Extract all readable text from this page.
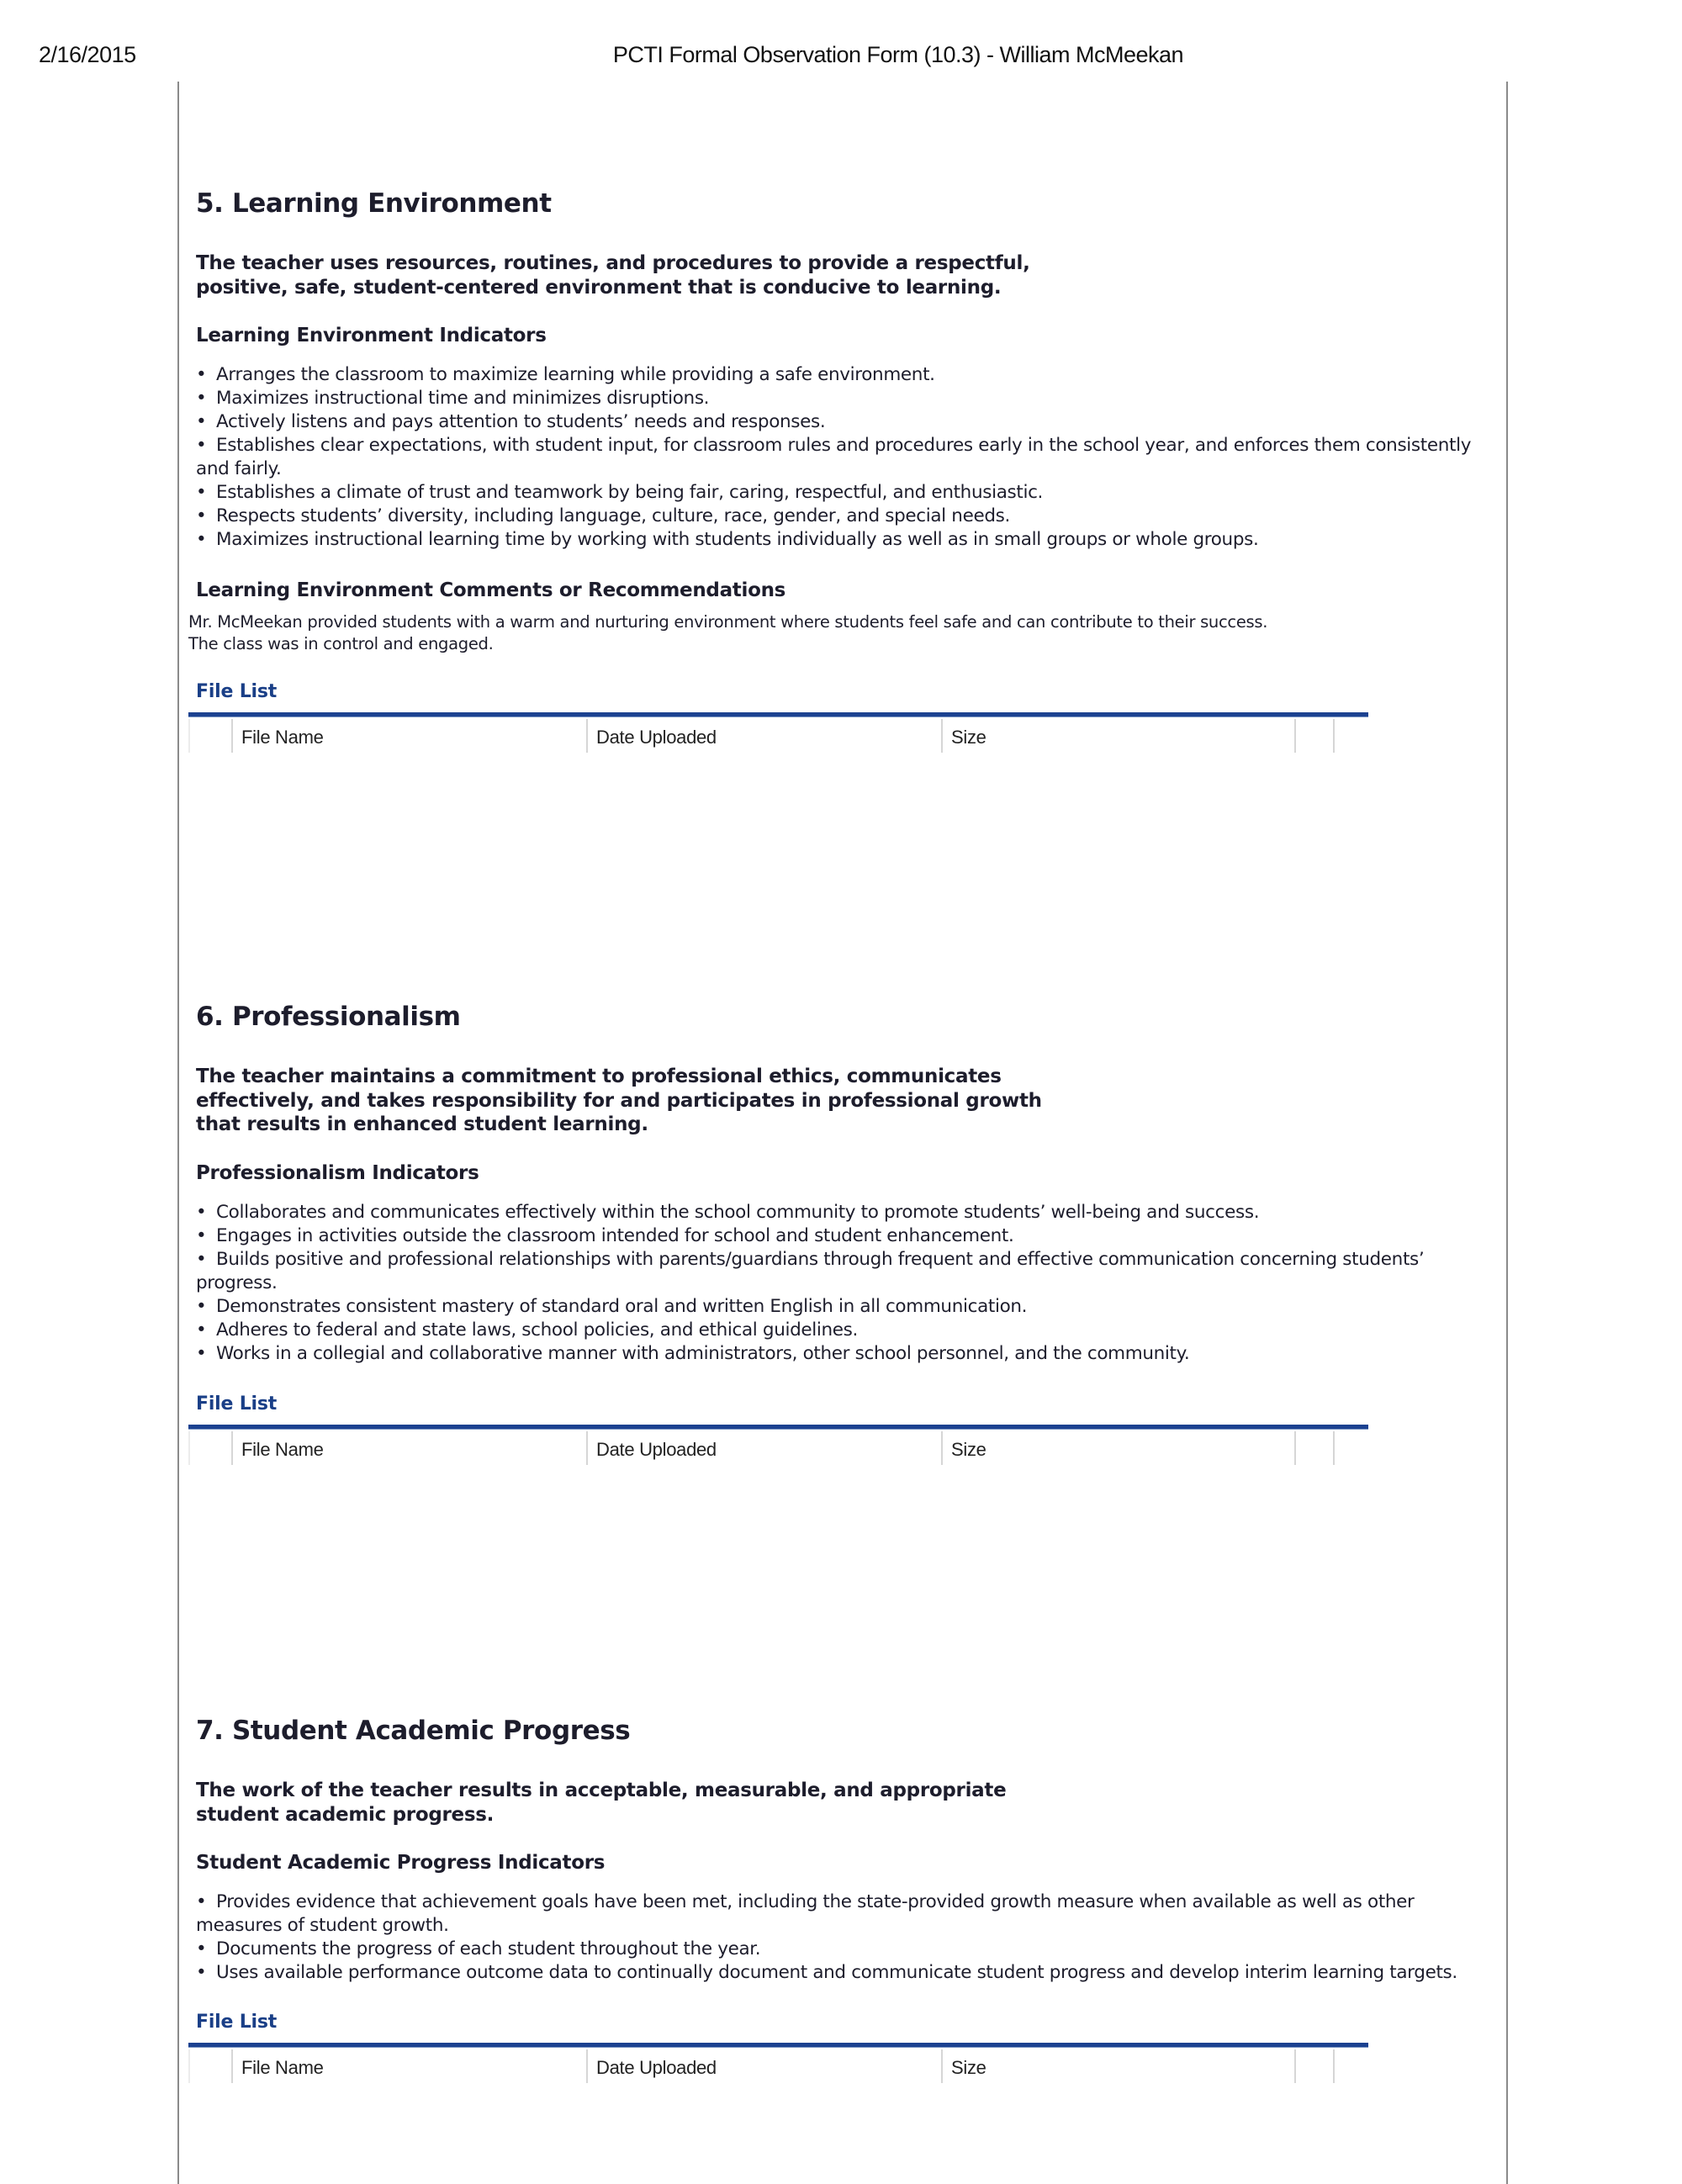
2/16/2015	PCTI Formal Observation Form (10.3) - William McMeekan
5. Learning Environment
The teacher uses resources, routines, and procedures to provide a respectful,
positive, safe, student-centered environment that is conducive to learning.
Learning Environment Indicators
• Arranges the classroom to maximize learning while providing a safe environment.
• Maximizes instructional time and minimizes disruptions.
• Actively listens and pays attention to students’ needs and responses.
• Establishes clear expectations, with student input, for classroom rules and procedures early in the school year, and enforces them consistently and fairly.
• Establishes a climate of trust and teamwork by being fair, caring, respectful, and enthusiastic.
• Respects students’ diversity, including language, culture, race, gender, and special needs.
• Maximizes instructional learning time by working with students individually as well as in small groups or whole groups.
Learning Environment Comments or Recommendations
Mr. McMeekan provided students with a warm and nurturing environment where students feel safe and can contribute to their success.
The class was in control and engaged.
File List
File Name	Date Uploaded	Size
6. Professionalism
The teacher maintains a commitment to professional ethics, communicates
effectively, and takes responsibility for and participates in professional growth
that results in enhanced student learning.
Professionalism Indicators
• Collaborates and communicates effectively within the school community to promote students’ well-being and success.
• Engages in activities outside the classroom intended for school and student enhancement.
• Builds positive and professional relationships with parents/guardians through frequent and effective communication concerning students’ progress.
• Demonstrates consistent mastery of standard oral and written English in all communication.
• Adheres to federal and state laws, school policies, and ethical guidelines.
• Works in a collegial and collaborative manner with administrators, other school personnel, and the community.
File List
File Name	Date Uploaded	Size
7. Student Academic Progress
The work of the teacher results in acceptable, measurable, and appropriate
student academic progress.
Student Academic Progress Indicators
• Provides evidence that achievement goals have been met, including the state-provided growth measure when available as well as other measures of student growth.
• Documents the progress of each student throughout the year.
• Uses available performance outcome data to continually document and communicate student progress and develop interim learning targets.
File List
File Name	Date Uploaded	Size
